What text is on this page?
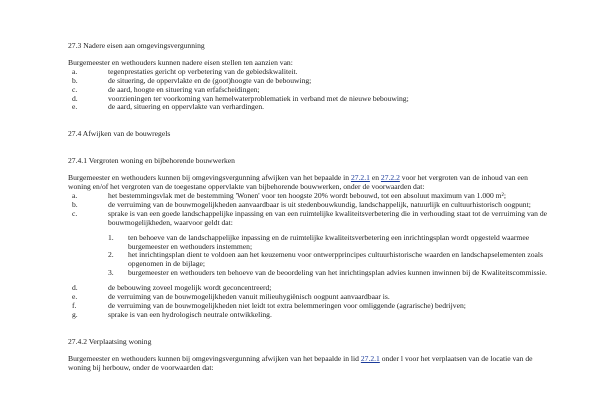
27.3 Nadere eisen aan omgevingsvergunning

Burgemeester en wethouders kunnen nadere eisen stellen ten aanzien van:

a.	tegenprestaties gericht op verbetering van de gebiedskwaliteit.
b.	de situering, de oppervlakte en de (goot)hoogte van de bebouwing;
c.	de aard, hoogte en situering van erfafscheidingen;
d.	voorzieningen ter voorkoming van hemelwaterproblematiek in verband met de nieuwe bebouwing;
e.	de aard, situering en oppervlakte van verhardingen.

27.4 Afwijken van de bouwregels

27.4.1 Vergroten woning en bijbehorende bouwwerken

Burgemeester en wethouders kunnen bij omgevingsvergunning afwijken van het bepaalde in 27.2.1 en 27.2.2 voor het vergroten van de inhoud van een woning en/of het vergroten van de toegestane oppervlakte van bijbehorende bouwwerken, onder de voorwaarden dat:

a.	het bestemmingsvlak met de bestemming 'Wonen' voor ten hoogste 20% wordt bebouwd, tot een absoluut maximum van 1.000 m²;
b.	de verruiming van de bouwmogelijkheden aanvaardbaar is uit stedenbouwkundig, landschappelijk, natuurlijk en cultuurhistorisch oogpunt;
c.	sprake is van een goede landschappelijke inpassing en van een ruimtelijke kwaliteitsverbetering die in verhouding staat tot de verruiming van de bouwmogelijkheden, waarvoor geldt dat:
1. ten behoeve van de landschappelijke inpassing en de ruimtelijke kwaliteitsverbetering een inrichtingsplan wordt opgesteld waarmee burgemeester en wethouders instemmen;
2. het inrichtingsplan dient te voldoen aan het keuzemenu voor ontwerpprincipes cultuurhistorische waarden en landschapselementen zoals opgenomen in de bijlage;
3. burgemeester en wethouders ten behoeve van de beoordeling van het inrichtingsplan advies kunnen inwinnen bij de Kwaliteitscommissie.
d.	de bebouwing zoveel mogelijk wordt geconcentreerd;
e.	de verruiming van de bouwmogelijkheden vanuit milieuhygiënisch oogpunt aanvaardbaar is.
f.	de verruiming van de bouwmogelijkheden niet leidt tot extra belemmeringen voor omliggende (agrarische) bedrijven;
g.	sprake is van een hydrologisch neutrale ontwikkeling.

27.4.2 Verplaatsing woning

Burgemeester en wethouders kunnen bij omgevingsvergunning afwijken van het bepaalde in lid 27.2.1 onder l voor het verplaatsen van de locatie van de woning bij herbouw, onder de voorwaarden dat:
